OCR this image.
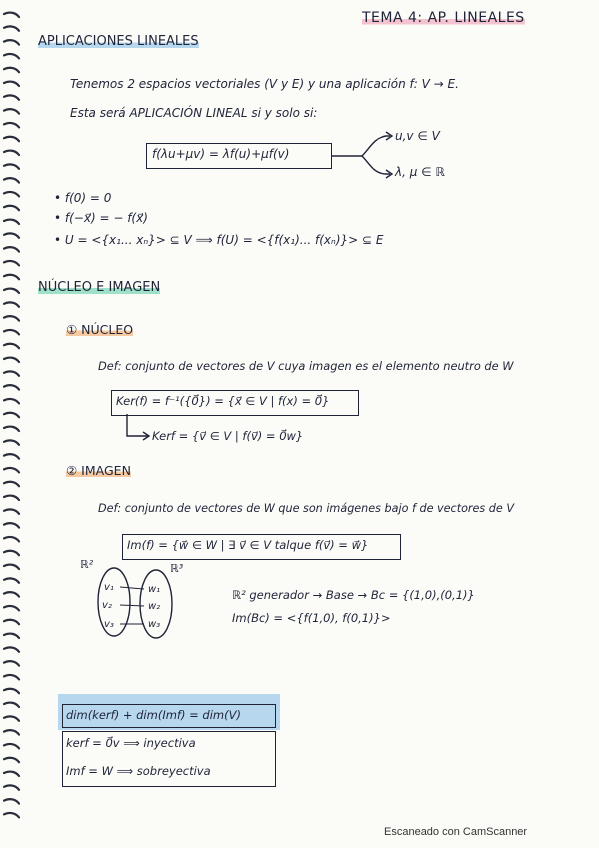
TEMA 4: AP. LINEALES
APLICACIONES LINEALES
Tenemos 2 espacios vectoriales (V y E) y una aplicación f: V → E.
Esta será APLICACIÓN LINEAL si y solo si:
f(λu+μv) = λf(u)+μf(v)
u,v ∈ V
λ, μ ∈ ℝ
• f(0) = 0
• f(−x⃗) = − f(x⃗)
• U = <{x₁... xₙ}> ⊆ V ⟹ f(U) = <{f(x₁)... f(xₙ)}> ⊆ E
NÚCLEO E IMAGEN
① NÚCLEO
Def: conjunto de vectores de V cuya imagen es el elemento neutro de W
Ker(f) = f⁻¹({0⃗}) = {x⃗ ∈ V | f(x) = 0⃗}
Kerf = {v⃗ ∈ V | f(v⃗) = 0⃗w}
② IMAGEN
Def: conjunto de vectores de W que son imágenes bajo f de vectores de V
Im(f) = {w⃗ ∈ W | ∃ v⃗ ∈ V talque f(v⃗) = w⃗}
ℝ²	ℝ³
v₁
v₂
v₃
w₁
w₂
w₃
ℝ² generador → Base → Bc = {(1,0),(0,1)}
Im(Bc) = <{f(1,0), f(0,1)}>
dim(kerf) + dim(Imf) = dim(V)
kerf = 0⃗v ⟹ inyectiva
Imf = W ⟹ sobreyectiva
Escaneado con CamScanner
